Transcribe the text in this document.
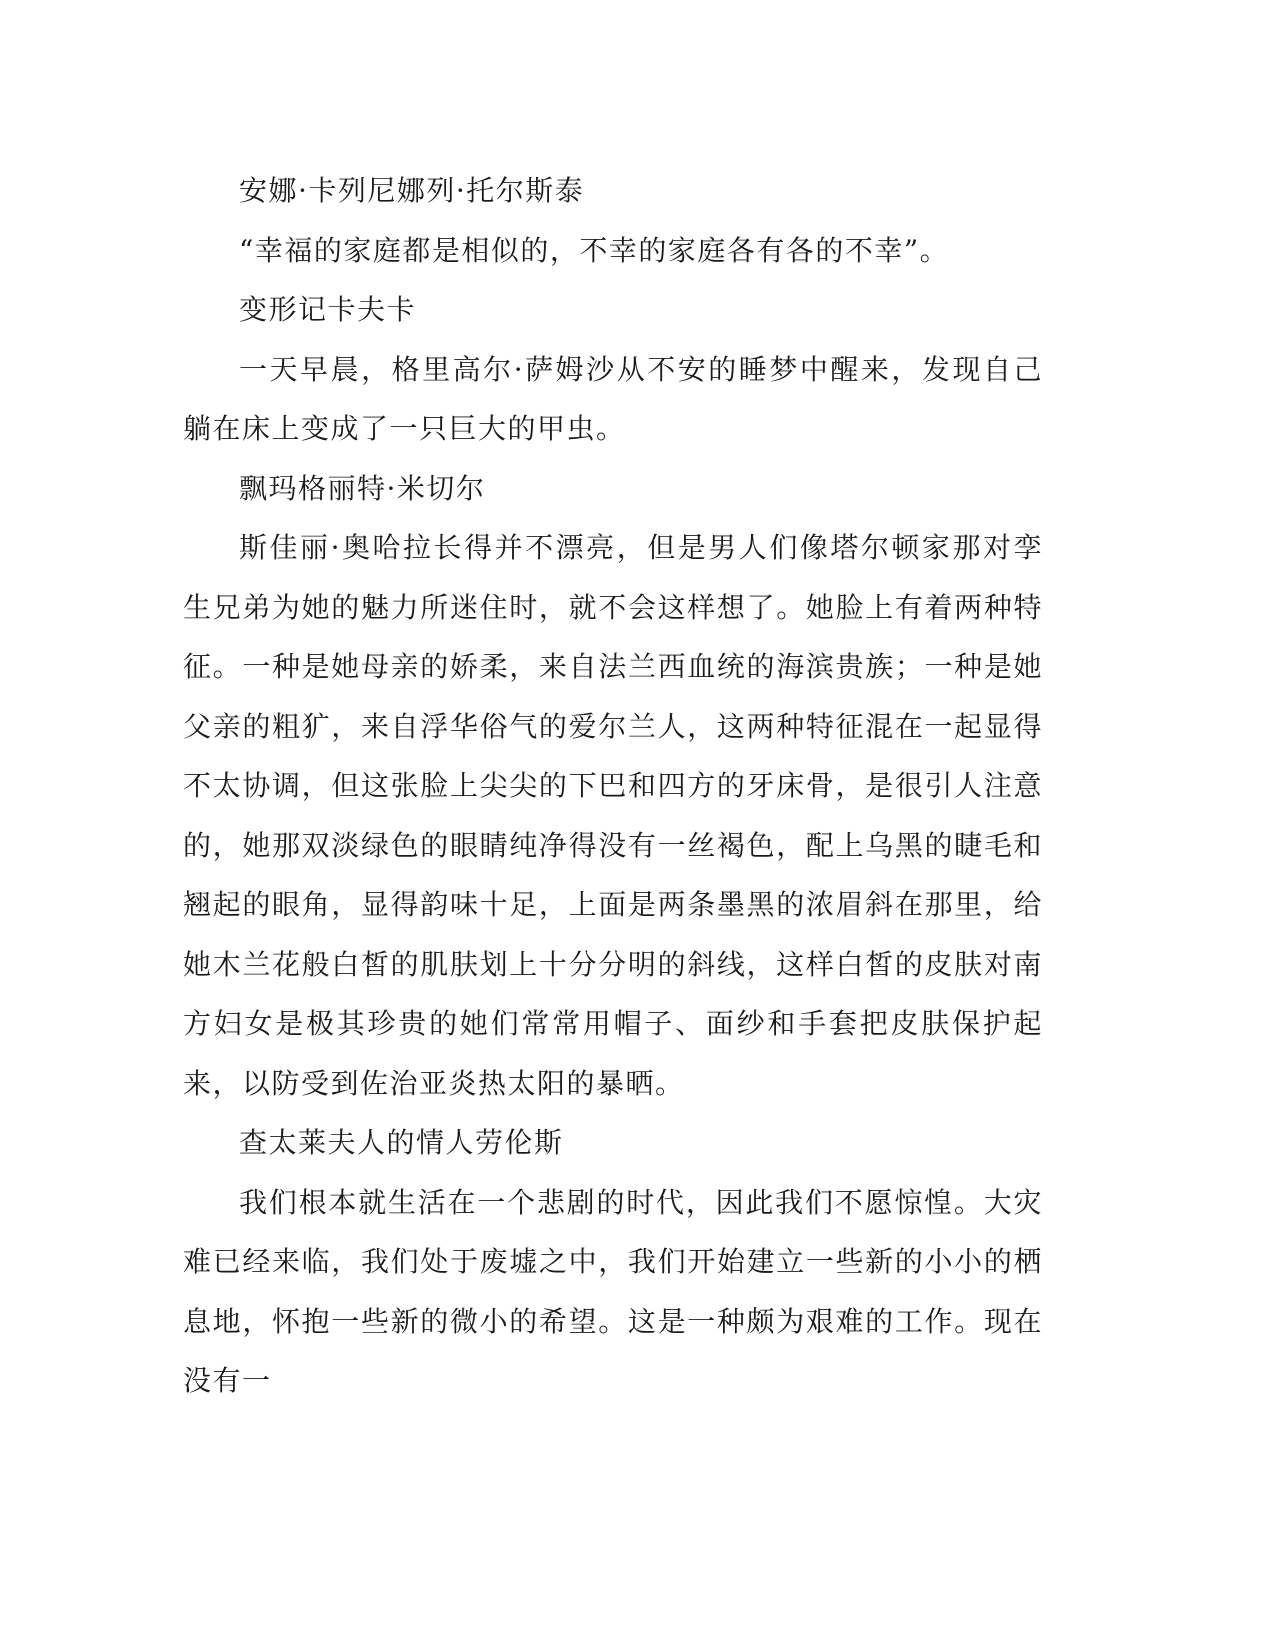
安娜·卡列尼娜列·托尔斯泰

“幸福的家庭都是相似的，不幸的家庭各有各的不幸”。

变形记卡夫卡

一天早晨，格里高尔·萨姆沙从不安的睡梦中醒来，发现自己躺在床上变成了一只巨大的甲虫。

飘玛格丽特·米切尔

斯佳丽·奥哈拉长得并不漂亮，但是男人们像塔尔顿家那对孪生兄弟为她的魅力所迷住时，就不会这样想了。她脸上有着两种特征。一种是她母亲的娇柔，来自法兰西血统的海滨贵族；一种是她父亲的粗犷，来自浮华俗气的爱尔兰人，这两种特征混在一起显得不太协调，但这张脸上尖尖的下巴和四方的牙床骨，是很引人注意的，她那双淡绿色的眼睛纯净得没有一丝褐色，配上乌黑的睫毛和翘起的眼角，显得韵味十足，上面是两条墨黑的浓眉斜在那里，给她木兰花般白皙的肌肤划上十分分明的斜线，这样白皙的皮肤对南方妇女是极其珍贵的她们常常用帽子、面纱和手套把皮肤保护起来，以防受到佐治亚炎热太阳的暴晒。

查太莱夫人的情人劳伦斯

我们根本就生活在一个悲剧的时代，因此我们不愿惊惶。大灾难已经来临，我们处于废墟之中，我们开始建立一些新的小小的栖息地，怀抱一些新的微小的希望。这是一种颇为艰难的工作。现在没有一
